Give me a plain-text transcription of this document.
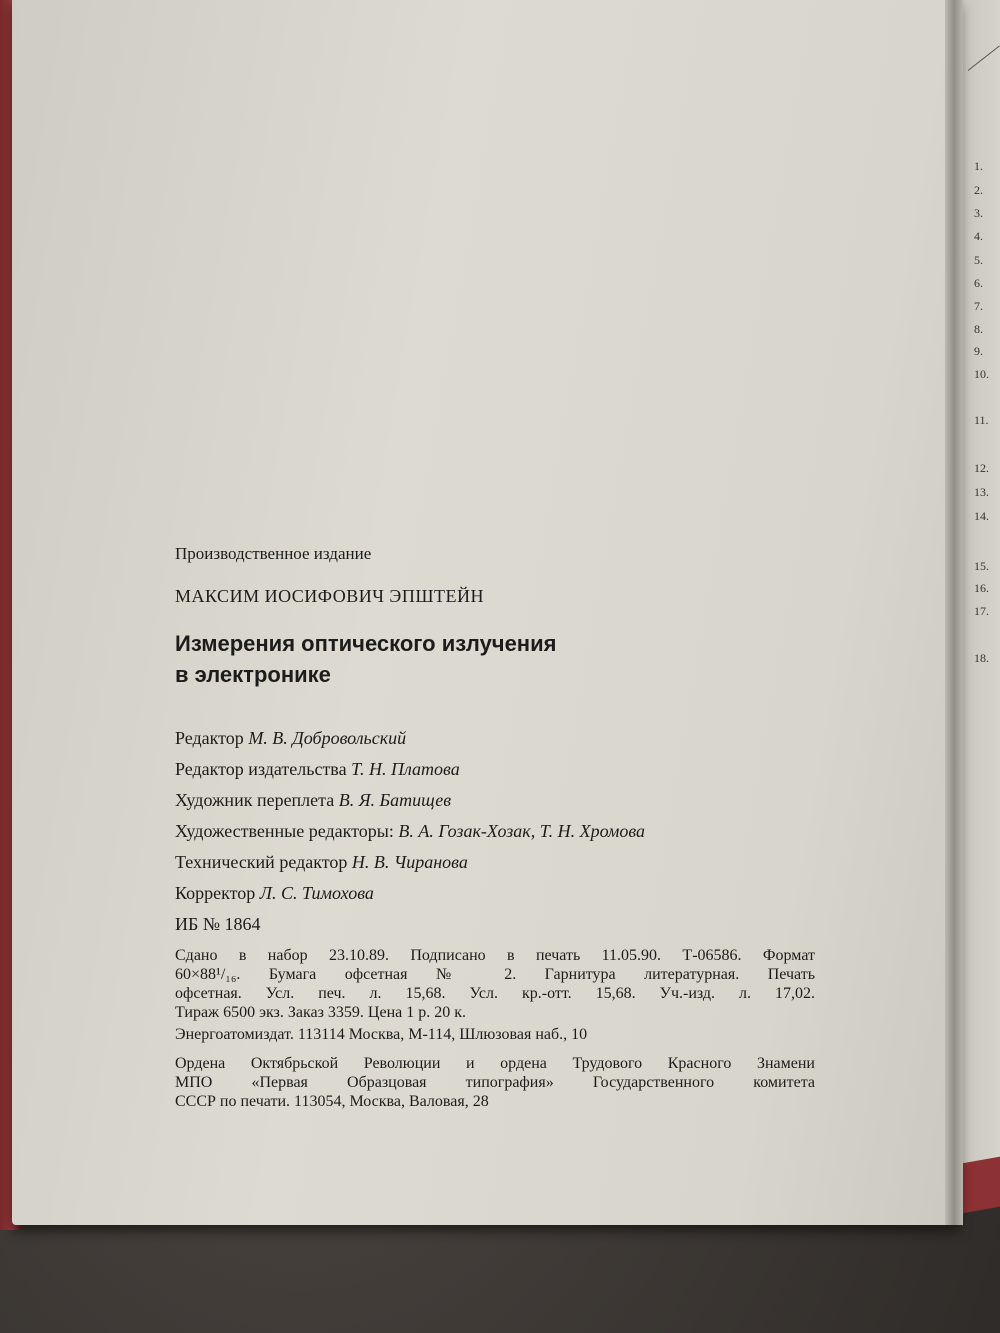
1.
2.
3.
4.
5.
6.
7.
8.
9.
10.
11.
12.
13.
14.
15.
16.
17.
18.
Производственное издание
МАКСИМ ИОСИФОВИЧ ЭПШТЕЙН
Измерения оптического излучения
в электронике
Редактор М. В. Добровольский
Редактор издательства Т. Н. Платова
Художник переплета В. Я. Батищев
Художественные редакторы: В. А. Гозак-Хозак, Т. Н. Хромова
Технический редактор Н. В. Чиранова
Корректор Л. С. Тимохова
ИБ № 1864

Сдано в набор 23.10.89. Подписано в печать 11.05.90. Т-06586. Формат

60×88¹/₁₆. Бумага офсетная № 2. Гарнитура литературная. Печать

офсетная. Усл. печ. л. 15,68. Усл. кр.-отт. 15,68. Уч.-изд. л. 17,02.

Тираж 6500 экз. Заказ 3359. Цена 1 р. 20 к.

Энергоатомиздат. 113114 Москва, М-114, Шлюзовая наб., 10

Ордена Октябрьской Революции и ордена Трудового Красного Знамени

МПО «Первая Образцовая типография» Государственного комитета

СССР по печати. 113054, Москва, Валовая, 28
